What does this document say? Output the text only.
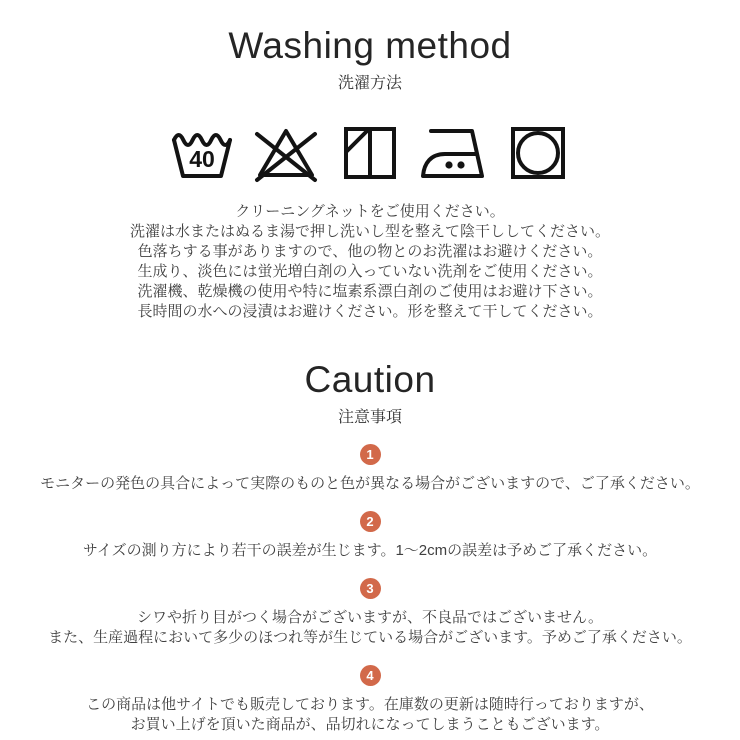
Washing method
洗濯方法
40
クリーニングネットをご使用ください。
洗濯は水またはぬるま湯で押し洗いし型を整えて陰干ししてください。
色落ちする事がありますので、他の物とのお洗濯はお避けください。
生成り、淡色には蛍光増白剤の入っていない洗剤をご使用ください。
洗濯機、乾燥機の使用や特に塩素系漂白剤のご使用はお避け下さい。
長時間の水への浸漬はお避けください。形を整えて干してください。
Caution
注意事項
1
モニターの発色の具合によって実際のものと色が異なる場合がございますので、ご了承ください。
2
サイズの測り方により若干の誤差が生じます。1～2cmの誤差は予めご了承ください。
3
シワや折り目がつく場合がございますが、不良品ではございません。
また、生産過程において多少のほつれ等が生じている場合がございます。予めご了承ください。
4
この商品は他サイトでも販売しております。在庫数の更新は随時行っておりますが、
お買い上げを頂いた商品が、品切れになってしまうこともございます。
